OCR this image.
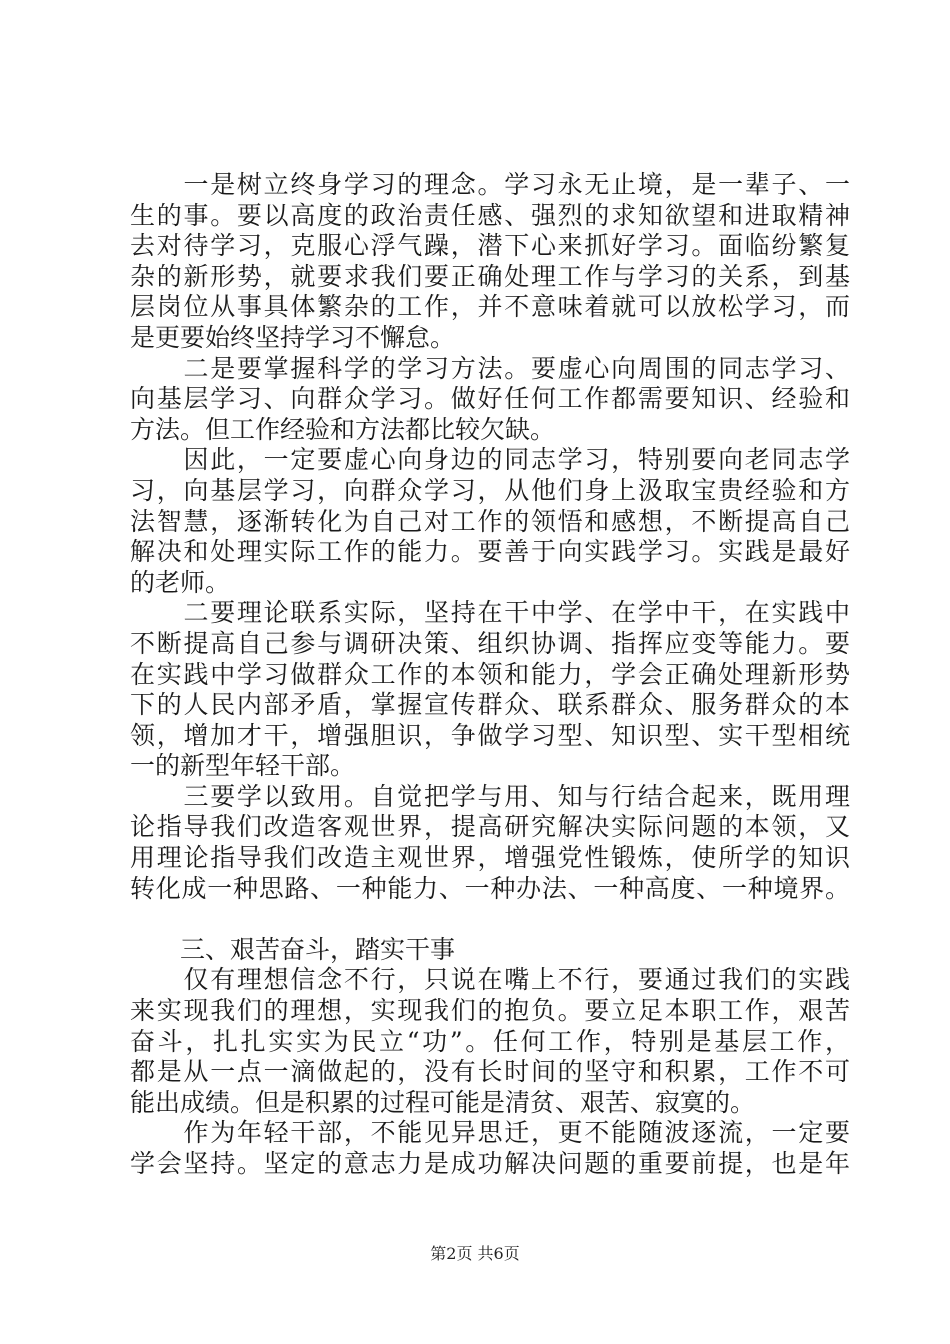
　　一是树立终身学习的理念。学习永无止境，是一辈子、一
生的事。要以高度的政治责任感、强烈的求知欲望和进取精神
去对待学习，克服心浮气躁，潜下心来抓好学习。面临纷繁复
杂的新形势，就要求我们要正确处理工作与学习的关系，到基
层岗位从事具体繁杂的工作，并不意味着就可以放松学习，而
是更要始终坚持学习不懈怠。
　　二是要掌握科学的学习方法。要虚心向周围的同志学习、
向基层学习、向群众学习。做好任何工作都需要知识、经验和
方法。但工作经验和方法都比较欠缺。
　　因此，一定要虚心向身边的同志学习，特别要向老同志学
习，向基层学习，向群众学习，从他们身上汲取宝贵经验和方
法智慧，逐渐转化为自己对工作的领悟和感想，不断提高自己
解决和处理实际工作的能力。要善于向实践学习。实践是最好
的老师。
　　二要理论联系实际，坚持在干中学、在学中干，在实践中
不断提高自己参与调研决策、组织协调、指挥应变等能力。要
在实践中学习做群众工作的本领和能力，学会正确处理新形势
下的人民内部矛盾，掌握宣传群众、联系群众、服务群众的本
领，增加才干，增强胆识，争做学习型、知识型、实干型相统
一的新型年轻干部。
　　三要学以致用。自觉把学与用、知与行结合起来，既用理
论指导我们改造客观世界，提高研究解决实际问题的本领，又
用理论指导我们改造主观世界，增强党性锻炼，使所学的知识
转化成一种思路、一种能力、一种办法、一种高度、一种境界。
　　三、艰苦奋斗，踏实干事
　　仅有理想信念不行，只说在嘴上不行，要通过我们的实践
来实现我们的理想，实现我们的抱负。要立足本职工作，艰苦
奋斗，扎扎实实为民立“功”。任何工作，特别是基层工作，
都是从一点一滴做起的，没有长时间的坚守和积累，工作不可
能出成绩。但是积累的过程可能是清贫、艰苦、寂寞的。
　　作为年轻干部，不能见异思迁，更不能随波逐流，一定要
学会坚持。坚定的意志力是成功解决问题的重要前提，也是年
第2页 共6页
